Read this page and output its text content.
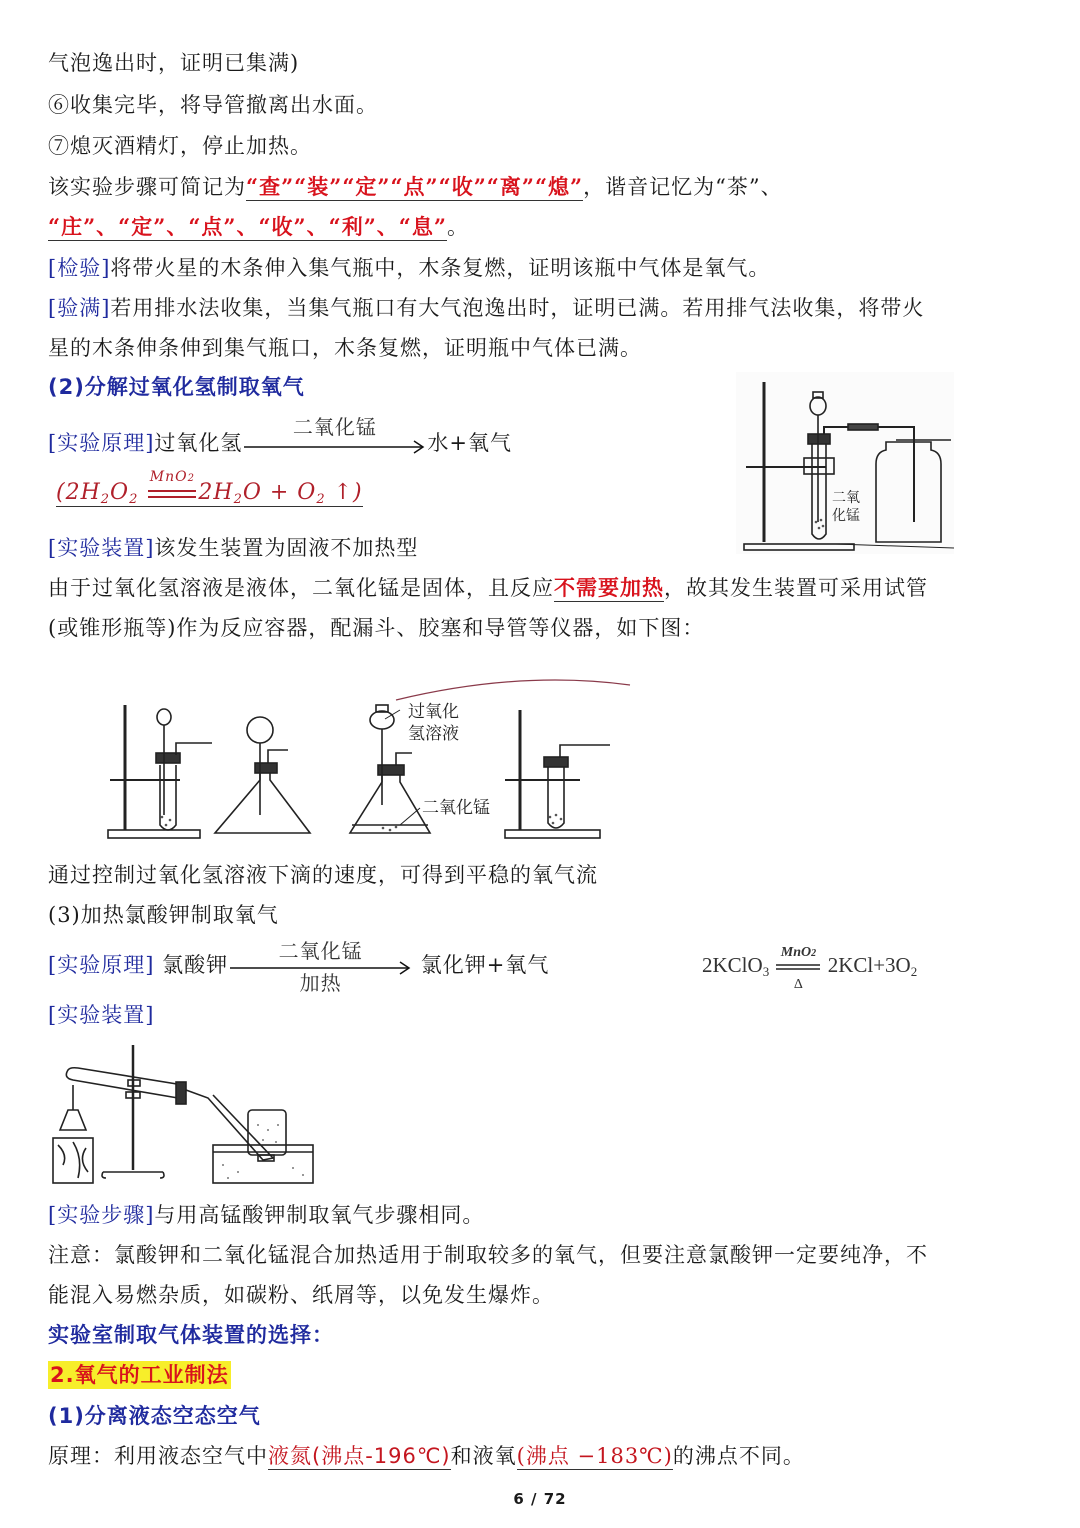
气泡逸出时，证明已集满)
⑥收集完毕，将导管撤离出水面。
⑦熄灭酒精灯，停止加热。
该实验步骤可简记为“查”“装”“定”“点”“收”“离”“熄”，谐音记忆为“茶”、
“庄”、“定”、“点”、“收”、“利”、“息”。
[检验]将带火星的木条伸入集气瓶中，木条复燃，证明该瓶中气体是氧气。
[验满]若用排水法收集，当集气瓶口有大气泡逸出时，证明已满。若用排气法收集，将带火
星的木条伸条伸到集气瓶口，木条复燃，证明瓶中气体已满。
(2)分解过氧化氢制取氧气
[实验原理]过氧化氢
二氧化锰
水+氧气
($2H_2O_2$
MnO2
$2H_2O + O_2$ ↑)	二氧
化锰
[实验装置]该发生装置为固液不加热型
由于过氧化氢溶液是液体，二氧化锰是固体，且反应不需要加热，故其发生装置可采用试管
(或锥形瓶等)作为反应容器，配漏斗、胶塞和导管等仪器，如下图：
过氧化
氢溶液
二氧化锰
通过控制过氧化氢溶液下滴的速度，可得到平稳的氧气流
(3)加热氯酸钾制取氧气
[实验原理] 氯酸钾
二氧化锰
加热
氯化钾+氧气	2KClO$_3$
MnO2
Δ
$2KCl+3O_2$
[实验装置]
[实验步骤]与用高锰酸钾制取氧气步骤相同。
注意：氯酸钾和二氧化锰混合加热适用于制取较多的氧气，但要注意氯酸钾一定要纯净，不
能混入易燃杂质，如碳粉、纸屑等，以免发生爆炸。
实验室制取气体装置的选择：
2.氧气的工业制法
(1)分离液态空态空气
原理：利用液态空气中液氮(沸点-196℃)和液氧(沸点 −183℃)的沸点不同。
6 / 72
